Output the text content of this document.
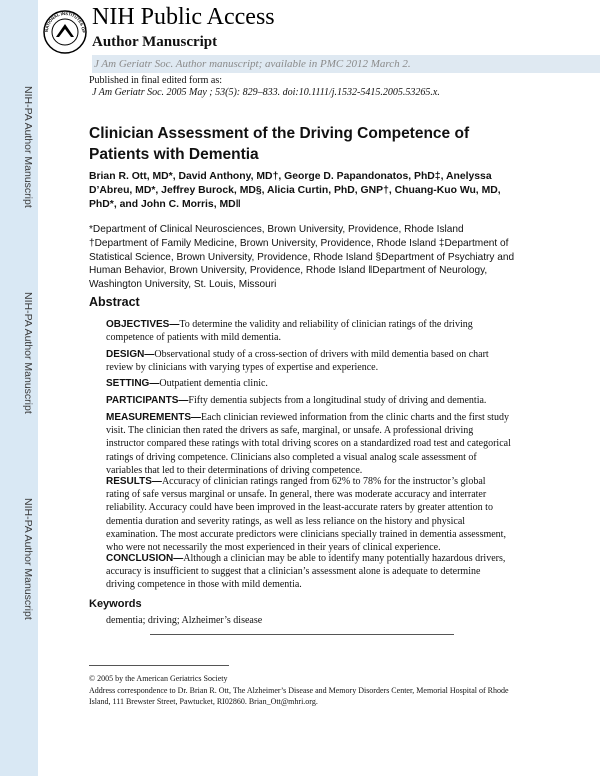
NIH-PA Author Manuscript
NIH-PA Author Manuscript
NIH-PA Author Manuscript
NATIONAL INSTITUTES OF
NIH Public Access
Author Manuscript
J Am Geriatr Soc. Author manuscript; available in PMC 2012 March 2.
Published in final edited form as:
J Am Geriatr Soc. 2005 May ; 53(5): 829–833. doi:10.1111/j.1532-5415.2005.53265.x.
Clinician Assessment of the Driving Competence of Patients with Dementia
Brian R. Ott, MD*, David Anthony, MD†, George D. Papandonatos, PhD‡, Anelyssa D’Abreu, MD*, Jeffrey Burock, MD§, Alicia Curtin, PhD, GNP†, Chuang-Kuo Wu, MD, PhD*, and John C. Morris, MD‖
*Department of Clinical Neurosciences, Brown University, Providence, Rhode Island †Department of Family Medicine, Brown University, Providence, Rhode Island ‡Department of Statistical Science, Brown University, Providence, Rhode Island §Department of Psychiatry and Human Behavior, Brown University, Providence, Rhode Island ‖Department of Neurology, Washington University, St. Louis, Missouri
Abstract
OBJECTIVES—To determine the validity and reliability of clinician ratings of the driving competence of patients with mild dementia.
DESIGN—Observational study of a cross-section of drivers with mild dementia based on chart review by clinicians with varying types of expertise and experience.
SETTING—Outpatient dementia clinic.
PARTICIPANTS—Fifty dementia subjects from a longitudinal study of driving and dementia.
MEASUREMENTS—Each clinician reviewed information from the clinic charts and the first study visit. The clinician then rated the drivers as safe, marginal, or unsafe. A professional driving instructor compared these ratings with total driving scores on a standardized road test and categorical ratings of driving competence. Clinicians also completed a visual analog scale assessment of variables that led to their determinations of driving competence.
RESULTS—Accuracy of clinician ratings ranged from 62% to 78% for the instructor’s global rating of safe versus marginal or unsafe. In general, there was moderate accuracy and interrater reliability. Accuracy could have been improved in the least-accurate raters by greater attention to dementia duration and severity ratings, as well as less reliance on the history and physical examination. The most accurate predictors were clinicians specially trained in dementia assessment, who were not necessarily the most experienced in their years of clinical experience.
CONCLUSION—Although a clinician may be able to identify many potentially hazardous drivers, accuracy is insufficient to suggest that a clinician’s assessment alone is adequate to determine driving competence in those with mild dementia.
Keywords
dementia; driving; Alzheimer’s disease
© 2005 by the American Geriatrics Society
Address correspondence to Dr. Brian R. Ott, The Alzheimer’s Disease and Memory Disorders Center, Memorial Hospital of Rhode Island, 111 Brewster Street, Pawtucket, RI02860. Brian_Ott@mhri.org.
